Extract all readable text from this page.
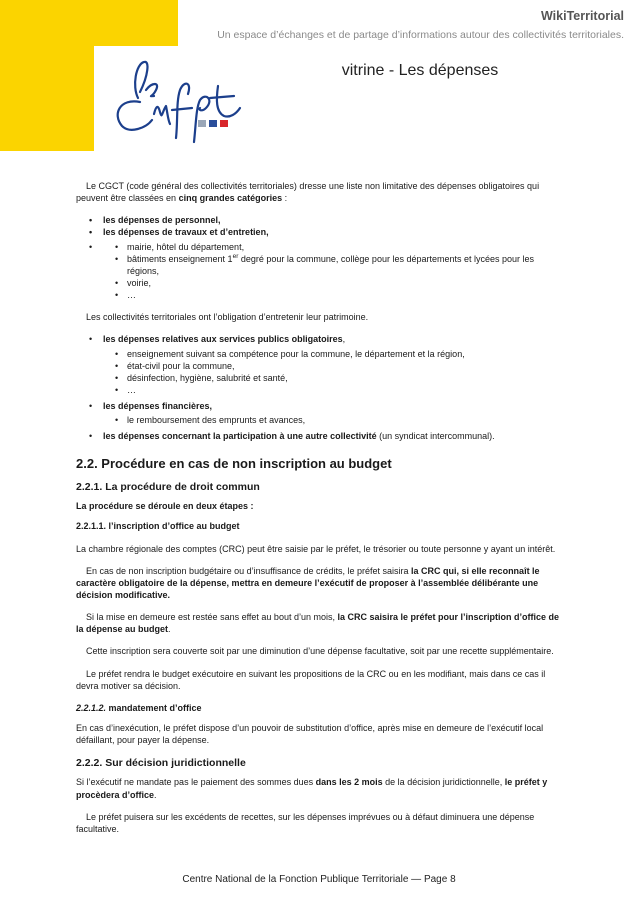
WikiTerritorial
Un espace d’échanges et de partage d’informations autour des collectivités territoriales.
vitrine - Les dépenses

Le CGCT (code général des collectivités territoriales) dresse une liste non limitative des dépenses obligatoires qui peuvent être classées en cinq grandes catégories :

• les dépenses de personnel,
• les dépenses de travaux et d’entretien,
• • mairie, hôtel du département,
• bâtiments enseignement 1er degré pour la commune, collège pour les départements et lycées pour les régions,
• voirie,
• …

Les collectivités territoriales ont l’obligation d’entretenir leur patrimoine.

• les dépenses relatives aux services publics obligatoires,
• enseignement suivant sa compétence pour la commune, le département et la région,
• état-civil pour la commune,
• désinfection, hygiène, salubrité et santé,
• …
• les dépenses financières,
• le remboursement des emprunts et avances,
• les dépenses concernant la participation à une autre collectivité (un syndicat intercommunal).
2.2. Procédure en cas de non inscription au budget
2.2.1. La procédure de droit commun
La procédure se déroule en deux étapes :
2.2.1.1. l’inscription d’office au budget

La chambre régionale des comptes (CRC) peut être saisie par le préfet, le trésorier ou toute personne y ayant un intérêt.

En cas de non inscription budgétaire ou d’insuffisance de crédits, le préfet saisira la CRC qui, si elle reconnaît le caractère obligatoire de la dépense, mettra en demeure l’exécutif de proposer à l’assemblée délibérante une décision modificative.

Si la mise en demeure est restée sans effet au bout d’un mois, la CRC saisira le préfet pour l’inscription d’office de la dépense au budget.

Cette inscription sera couverte soit par une diminution d’une dépense facultative, soit par une recette supplémentaire.

Le préfet rendra le budget exécutoire en suivant les propositions de la CRC ou en les modifiant, mais dans ce cas il devra motiver sa décision.

2.2.1.2. mandatement d’office

En cas d’inexécution, le préfet dispose d’un pouvoir de substitution d’office, après mise en demeure de l’exécutif local défaillant, pour payer la dépense.

2.2.2. Sur décision juridictionnelle

Si l’exécutif ne mandate pas le paiement des sommes dues dans les 2 mois de la décision juridictionnelle, le préfet y procèdera d’office.

Le préfet puisera sur les excédents de recettes, sur les dépenses imprévues ou à défaut diminuera une dépense facultative.

Centre National de la Fonction Publique Territoriale — Page 8
